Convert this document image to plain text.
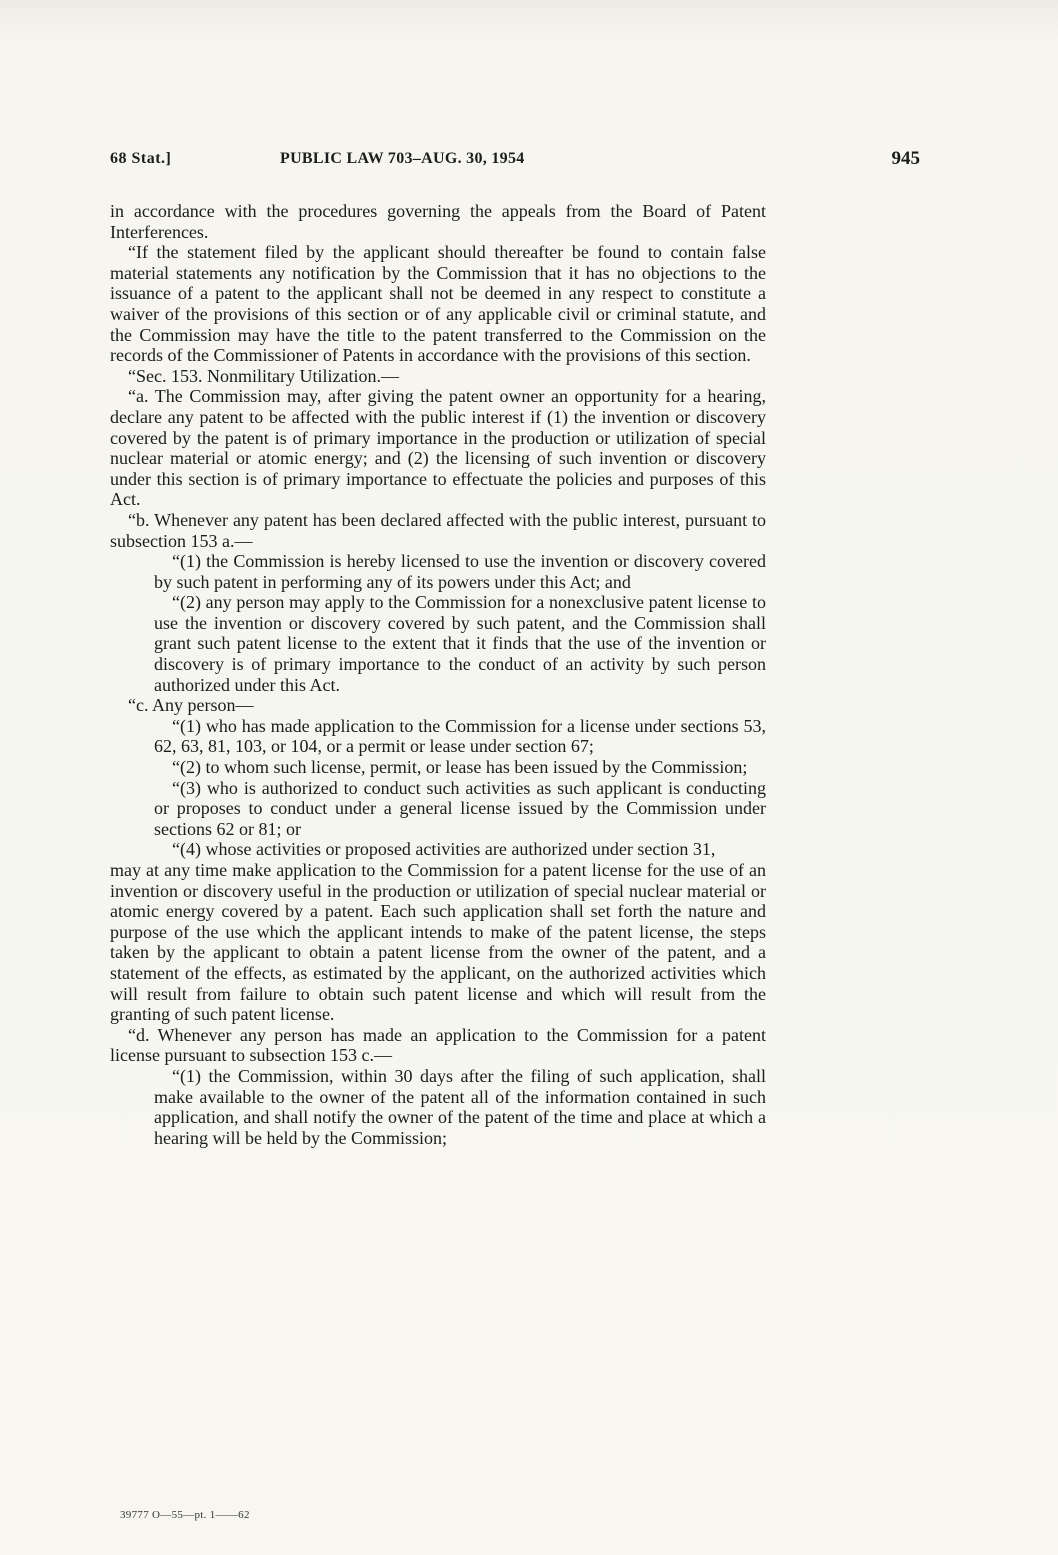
68 Stat.]	PUBLIC LAW 703–AUG. 30, 1954	945

in accordance with the procedures governing the appeals from the Board of Patent Interferences.

“If the statement filed by the applicant should thereafter be found to contain false material statements any notification by the Commission that it has no objections to the issuance of a patent to the applicant shall not be deemed in any respect to constitute a waiver of the provisions of this section or of any applicable civil or criminal statute, and the Commission may have the title to the patent transferred to the Commission on the records of the Commissioner of Patents in accordance with the provisions of this section.

“Sec. 153. Nonmilitary Utilization.—

“a. The Commission may, after giving the patent owner an opportunity for a hearing, declare any patent to be affected with the public interest if (1) the invention or discovery covered by the patent is of primary importance in the production or utilization of special nuclear material or atomic energy; and (2) the licensing of such invention or discovery under this section is of primary importance to effectuate the policies and purposes of this Act.

“b. Whenever any patent has been declared affected with the public interest, pursuant to subsection 153 a.—

“(1) the Commission is hereby licensed to use the invention or discovery covered by such patent in performing any of its powers under this Act; and

“(2) any person may apply to the Commission for a nonexclusive patent license to use the invention or discovery covered by such patent, and the Commission shall grant such patent license to the extent that it finds that the use of the invention or discovery is of primary importance to the conduct of an activity by such person authorized under this Act.

“c. Any person—

“(1) who has made application to the Commission for a license under sections 53, 62, 63, 81, 103, or 104, or a permit or lease under section 67;

“(2) to whom such license, permit, or lease has been issued by the Commission;

“(3) who is authorized to conduct such activities as such applicant is conducting or proposes to conduct under a general license issued by the Commission under sections 62 or 81; or

“(4) whose activities or proposed activities are authorized under section 31,

may at any time make application to the Commission for a patent license for the use of an invention or discovery useful in the production or utilization of special nuclear material or atomic energy covered by a patent. Each such application shall set forth the nature and purpose of the use which the applicant intends to make of the patent license, the steps taken by the applicant to obtain a patent license from the owner of the patent, and a statement of the effects, as estimated by the applicant, on the authorized activities which will result from failure to obtain such patent license and which will result from the granting of such patent license.

“d. Whenever any person has made an application to the Commission for a patent license pursuant to subsection 153 c.—

“(1) the Commission, within 30 days after the filing of such application, shall make available to the owner of the patent all of the information contained in such application, and shall notify the owner of the patent of the time and place at which a hearing will be held by the Commission;

39777 O—55—pt. 1——62
